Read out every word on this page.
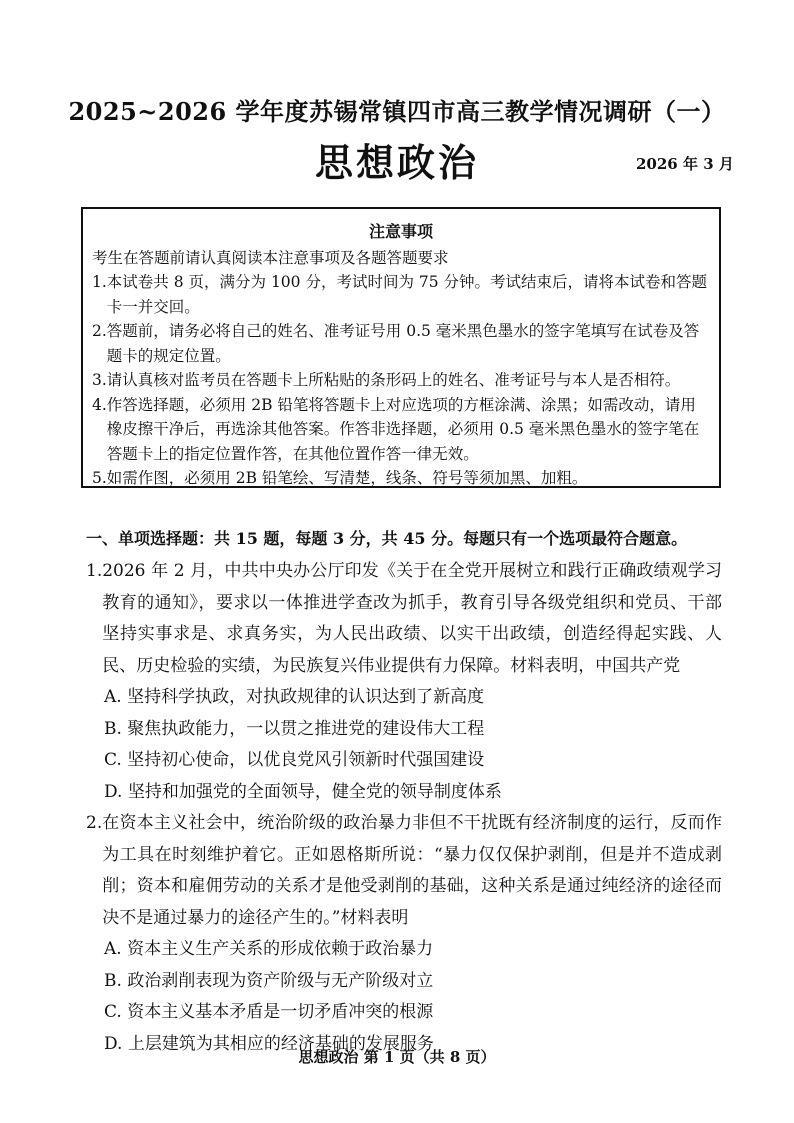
2025~2026 学年度苏锡常镇四市高三教学情况调研（一）
思想政治	2026 年 3 月
注意事项
考生在答题前请认真阅读本注意事项及各题答题要求
1. 本试卷共 8 页，满分为 100 分，考试时间为 75 分钟。考试结束后，请将本试卷和答题卡一并交回。
2. 答题前，请务必将自己的姓名、准考证号用 0.5 毫米黑色墨水的签字笔填写在试卷及答题卡的规定位置。
3. 请认真核对监考员在答题卡上所粘贴的条形码上的姓名、准考证号与本人是否相符。
4. 作答选择题，必须用 2B 铅笔将答题卡上对应选项的方框涂满、涂黑；如需改动，请用橡皮擦干净后，再选涂其他答案。作答非选择题，必须用 0.5 毫米黑色墨水的签字笔在答题卡上的指定位置作答，在其他位置作答一律无效。
5. 如需作图，必须用 2B 铅笔绘、写清楚，线条、符号等须加黑、加粗。
一、单项选择题：共 15 题，每题 3 分，共 45 分。每题只有一个选项最符合题意。
1. 2026 年 2 月，中共中央办公厅印发《关于在全党开展树立和践行正确政绩观学习教育的通知》，要求以一体推进学查改为抓手，教育引导各级党组织和党员、干部坚持实事求是、求真务实，为人民出政绩、以实干出政绩，创造经得起实践、人民、历史检验的实绩，为民族复兴伟业提供有力保障。材料表明，中国共产党
A. 坚持科学执政，对执政规律的认识达到了新高度
B. 聚焦执政能力，一以贯之推进党的建设伟大工程
C. 坚持初心使命，以优良党风引领新时代强国建设
D. 坚持和加强党的全面领导，健全党的领导制度体系
2. 在资本主义社会中，统治阶级的政治暴力非但不干扰既有经济制度的运行，反而作为工具在时刻维护着它。正如恩格斯所说：“暴力仅仅保护剥削，但是并不造成剥削；资本和雇佣劳动的关系才是他受剥削的基础，这种关系是通过纯经济的途径而决不是通过暴力的途径产生的。”材料表明
A. 资本主义生产关系的形成依赖于政治暴力
B. 政治剥削表现为资产阶级与无产阶级对立
C. 资本主义基本矛盾是一切矛盾冲突的根源
D. 上层建筑为其相应的经济基础的发展服务
思想政治 第 1 页（共 8 页）
